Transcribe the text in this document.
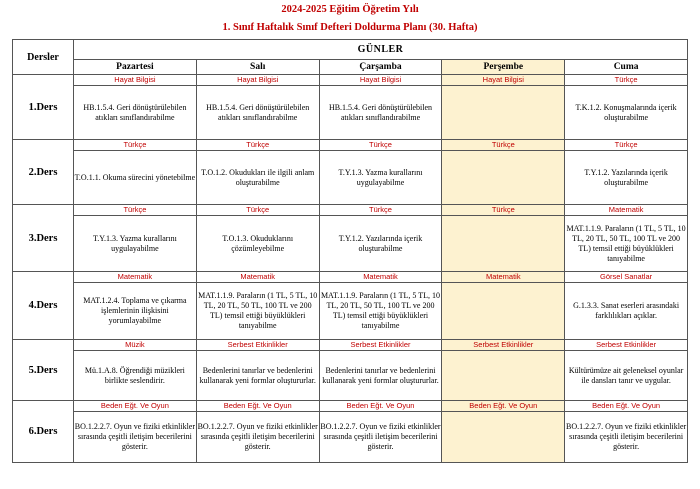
2024-2025 Eğitim Öğretim Yılı
1. Sınıf Haftalık Sınıf Defteri Doldurma Planı (30. Hafta)
Dersler	GÜNLER				
	Pazartesi	Salı	Çarşamba	Perşembe	Cuma
1.Ders	Hayat Bilgisi	Hayat Bilgisi	Hayat Bilgisi	Hayat Bilgisi	Türkçe
	HB.1.5.4. Geri dönüştürülebilen atıkları sınıflandırabilme	HB.1.5.4. Geri dönüştürülebilen atıkları sınıflandırabilme	HB.1.5.4. Geri dönüştürülebilen atıkları sınıflandırabilme		T.K.1.2. Konuşmalarında içerik oluşturabilme
2.Ders	Türkçe	Türkçe	Türkçe	Türkçe	Türkçe
	T.O.1.1. Okuma sürecini yönetebilme	T.O.1.2. Okudukları ile ilgili anlam oluşturabilme	T.Y.1.3. Yazma kurallarını uygulayabilme		T.Y.1.2. Yazılarında içerik oluşturabilme
3.Ders	Türkçe	Türkçe	Türkçe	Türkçe	Matematik
	T.Y.1.3. Yazma kurallarını uygulayabilme	T.O.1.3. Okuduklarını çözümleyebilme	T.Y.1.2. Yazılarında içerik oluşturabilme		MAT.1.1.9. Paraların (1 TL, 5 TL, 10 TL, 20 TL, 50 TL, 100 TL ve 200 TL) temsil ettiği büyüklükleri tanıyabilme
4.Ders	Matematik	Matematik	Matematik	Matematik	Görsel Sanatlar
	MAT.1.2.4. Toplama ve çıkarma işlemlerinin ilişkisini yorumlayabilme	MAT.1.1.9. Paraların (1 TL, 5 TL, 10 TL, 20 TL, 50 TL, 100 TL ve 200 TL) temsil ettiği büyüklükleri tanıyabilme	MAT.1.1.9. Paraların (1 TL, 5 TL, 10 TL, 20 TL, 50 TL, 100 TL ve 200 TL) temsil ettiği büyüklükleri tanıyabilme		G.1.3.3. Sanat eserleri arasındaki farklılıkları açıklar.
5.Ders	Müzik	Serbest Etkinlikler	Serbest Etkinlikler	Serbest Etkinlikler	Serbest Etkinlikler
	Mü.1.A.8. Öğrendiği müzikleri birlikte seslendirir.	Bedenlerini tanırlar ve bedenlerini kullanarak yeni formlar oluştururlar.	Bedenlerini tanırlar ve bedenlerini kullanarak yeni formlar oluştururlar.		Kültürümüze ait geleneksel oyunlar ile dansları tanır ve uygular.
6.Ders	Beden Eğt. Ve Oyun	Beden Eğt. Ve Oyun	Beden Eğt. Ve Oyun	Beden Eğt. Ve Oyun	Beden Eğt. Ve Oyun
	BO.1.2.2.7. Oyun ve fiziki etkinlikler sırasında çeşitli iletişim becerilerini gösterir.	BO.1.2.2.7. Oyun ve fiziki etkinlikler sırasında çeşitli iletişim becerilerini gösterir.	BO.1.2.2.7. Oyun ve fiziki etkinlikler sırasında çeşitli iletişim becerilerini gösterir.		BO.1.2.2.7. Oyun ve fiziki etkinlikler sırasında çeşitli iletişim becerilerini gösterir.
